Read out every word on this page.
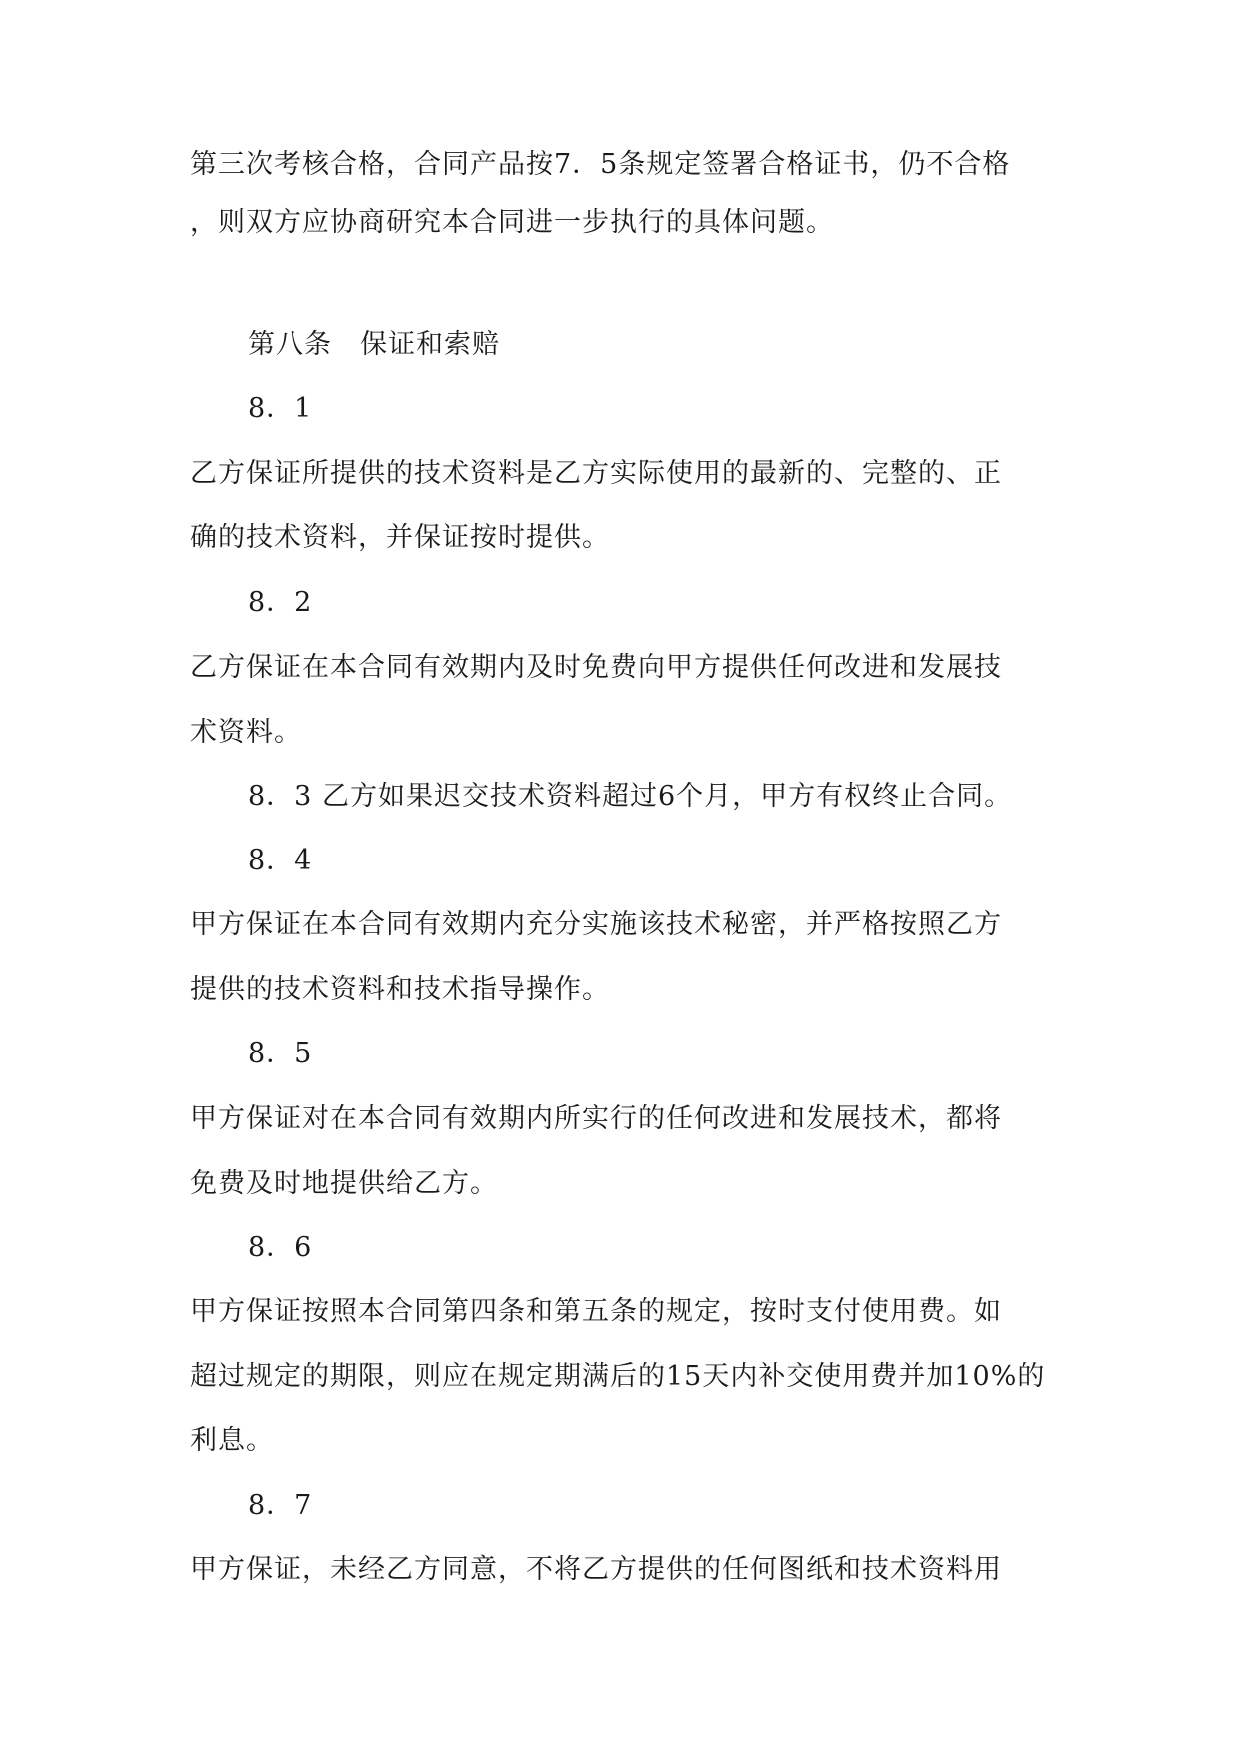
第三次考核合格，合同产品按7．5条规定签署合格证书，仍不合格
，则双方应协商研究本合同进一步执行的具体问题。
第八条　保证和索赔
8．1
乙方保证所提供的技术资料是乙方实际使用的最新的、完整的、正
确的技术资料，并保证按时提供。
8．2
乙方保证在本合同有效期内及时免费向甲方提供任何改进和发展技
术资料。
8．3 乙方如果迟交技术资料超过6个月，甲方有权终止合同。
8．4
甲方保证在本合同有效期内充分实施该技术秘密，并严格按照乙方
提供的技术资料和技术指导操作。
8．5
甲方保证对在本合同有效期内所实行的任何改进和发展技术，都将
免费及时地提供给乙方。
8．6
甲方保证按照本合同第四条和第五条的规定，按时支付使用费。如
超过规定的期限，则应在规定期满后的15天内补交使用费并加10%的
利息。
8．7
甲方保证，未经乙方同意，不将乙方提供的任何图纸和技术资料用
